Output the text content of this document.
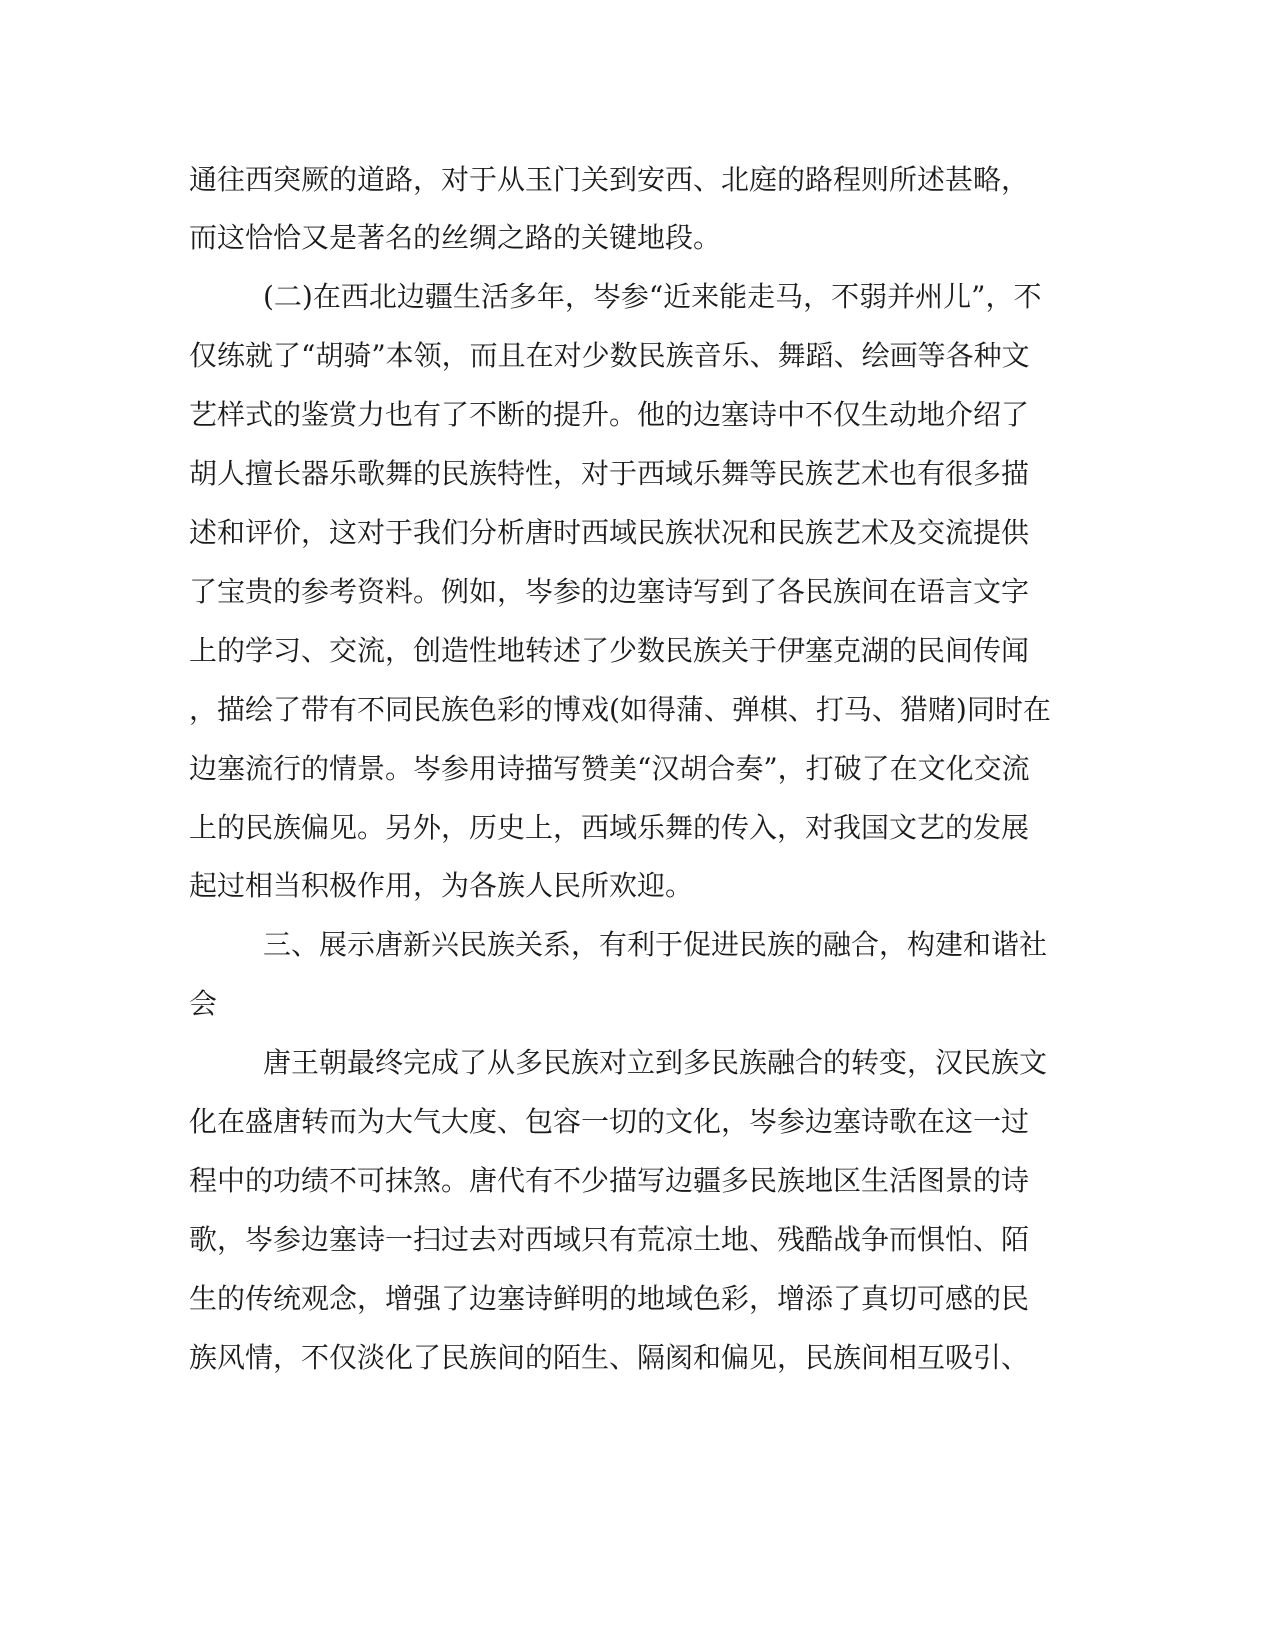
通往西突厥的道路，对于从玉门关到安西、北庭的路程则所述甚略，
而这恰恰又是著名的丝绸之路的关键地段。
(二)在西北边疆生活多年，岑参“近来能走马，不弱并州儿”，不
仅练就了“胡骑”本领，而且在对少数民族音乐、舞蹈、绘画等各种文
艺样式的鉴赏力也有了不断的提升。他的边塞诗中不仅生动地介绍了
胡人擅长器乐歌舞的民族特性，对于西域乐舞等民族艺术也有很多描
述和评价，这对于我们分析唐时西域民族状况和民族艺术及交流提供
了宝贵的参考资料。例如，岑参的边塞诗写到了各民族间在语言文字
上的学习、交流，创造性地转述了少数民族关于伊塞克湖的民间传闻
，描绘了带有不同民族色彩的博戏(如得蒲、弹棋、打马、猎赌)同时在
边塞流行的情景。岑参用诗描写赞美“汉胡合奏”，打破了在文化交流
上的民族偏见。另外，历史上，西域乐舞的传入，对我国文艺的发展
起过相当积极作用，为各族人民所欢迎。
三、展示唐新兴民族关系，有利于促进民族的融合，构建和谐社
会
唐王朝最终完成了从多民族对立到多民族融合的转变，汉民族文
化在盛唐转而为大气大度、包容一切的文化，岑参边塞诗歌在这一过
程中的功绩不可抹煞。唐代有不少描写边疆多民族地区生活图景的诗
歌，岑参边塞诗一扫过去对西域只有荒凉土地、残酷战争而惧怕、陌
生的传统观念，增强了边塞诗鲜明的地域色彩，增添了真切可感的民
族风情，不仅淡化了民族间的陌生、隔阂和偏见，民族间相互吸引、
